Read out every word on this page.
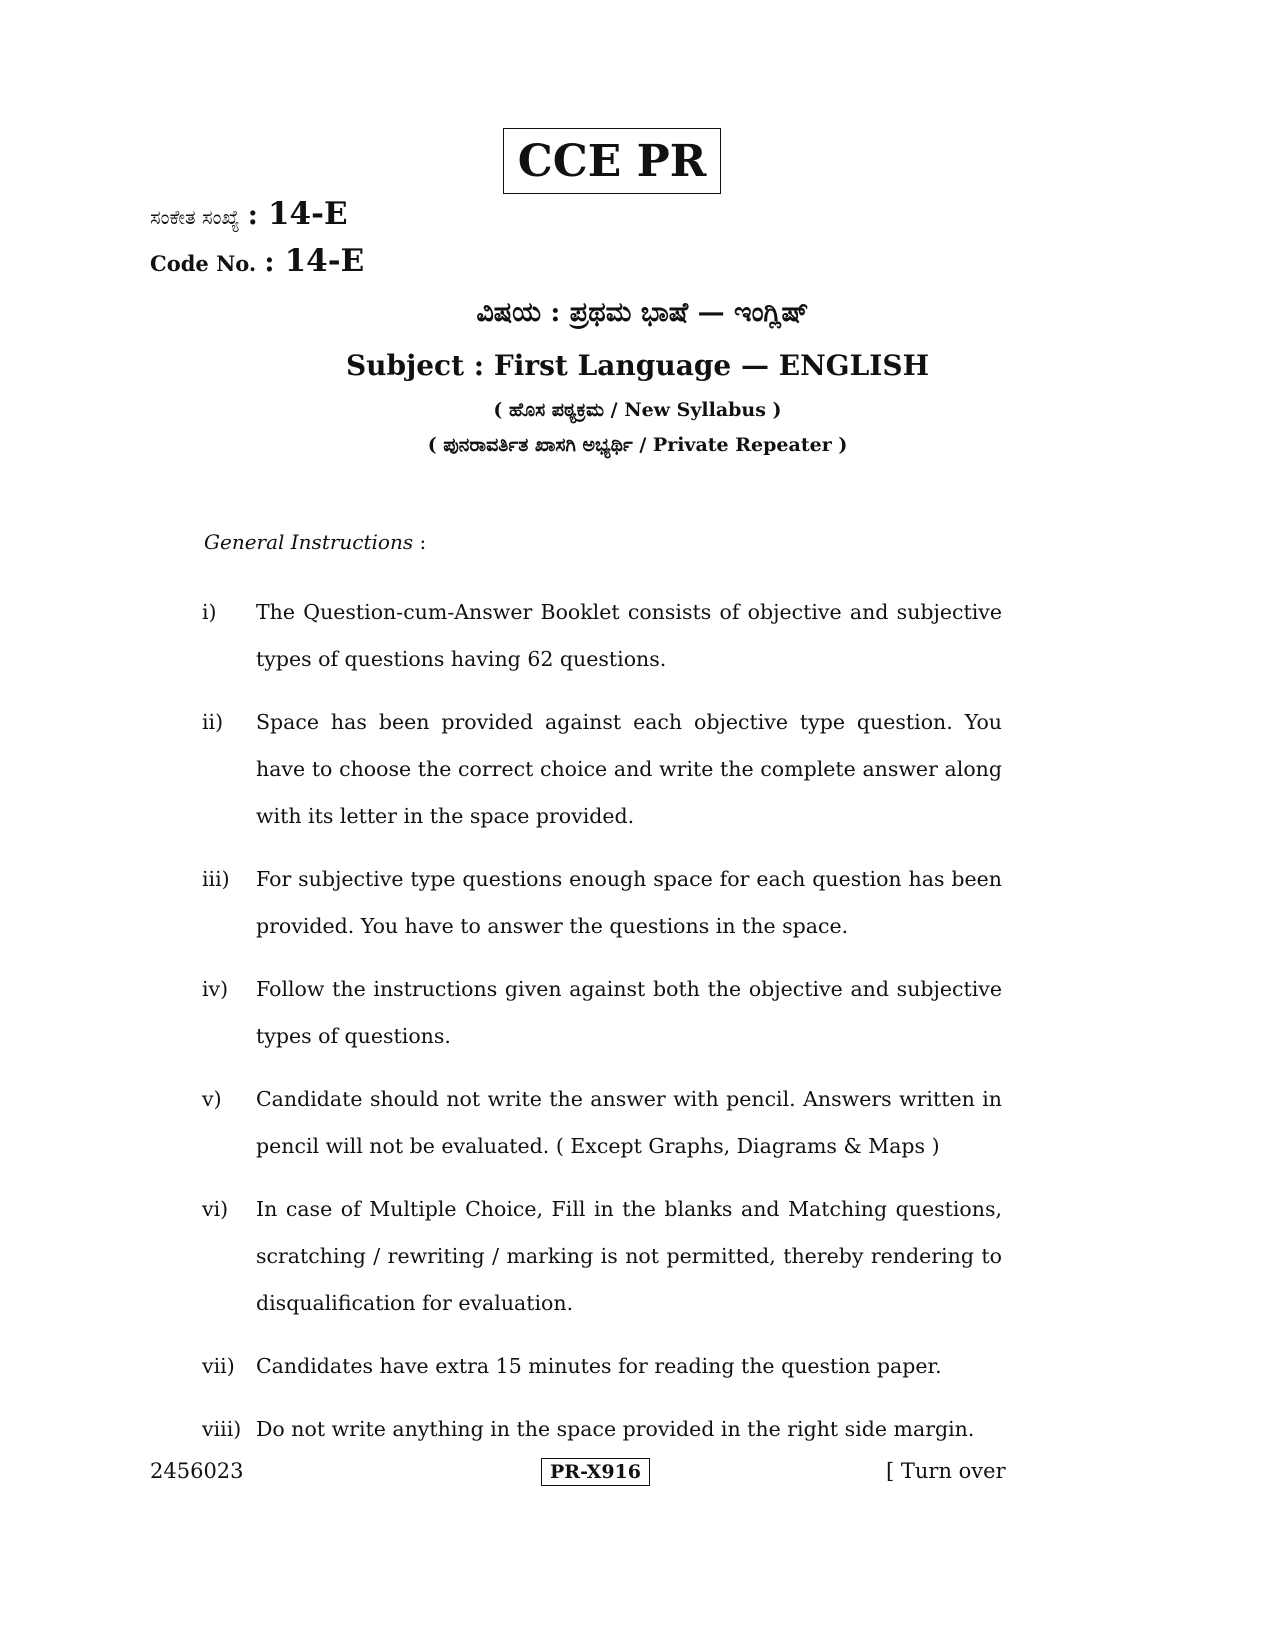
CCE PR
ಸಂಕೇತ ಸಂಖ್ಯೆ : 14-E
Code No. : 14-E
ವಿಷಯ : ಪ್ರಥಮ ಭಾಷೆ — ಇಂಗ್ಲಿಷ್
Subject : First Language — ENGLISH
( ಹೊಸ ಪಠ್ಯಕ್ರಮ / New Syllabus )
( ಪುನರಾವರ್ತಿತ ಖಾಸಗಿ ಅಭ್ಯರ್ಥಿ / Private Repeater )
General Instructions :
i)	The Question-cum-Answer Booklet consists of objective and subjective types of questions having 62 questions.
ii)	Space has been provided against each objective type question. You have to choose the correct choice and write the complete answer along with its letter in the space provided.
iii)	For subjective type questions enough space for each question has been provided. You have to answer the questions in the space.
iv)	Follow the instructions given against both the objective and subjective types of questions.
v)	Candidate should not write the answer with pencil. Answers written in pencil will not be evaluated. ( Except Graphs, Diagrams & Maps )
vi)	In case of Multiple Choice, Fill in the blanks and Matching questions, scratching / rewriting / marking is not permitted, thereby rendering to disqualification for evaluation.
vii)	Candidates have extra 15 minutes for reading the question paper.
viii) Do not write anything in the space provided in the right side margin.
2456023	PR-X916	[ Turn over
